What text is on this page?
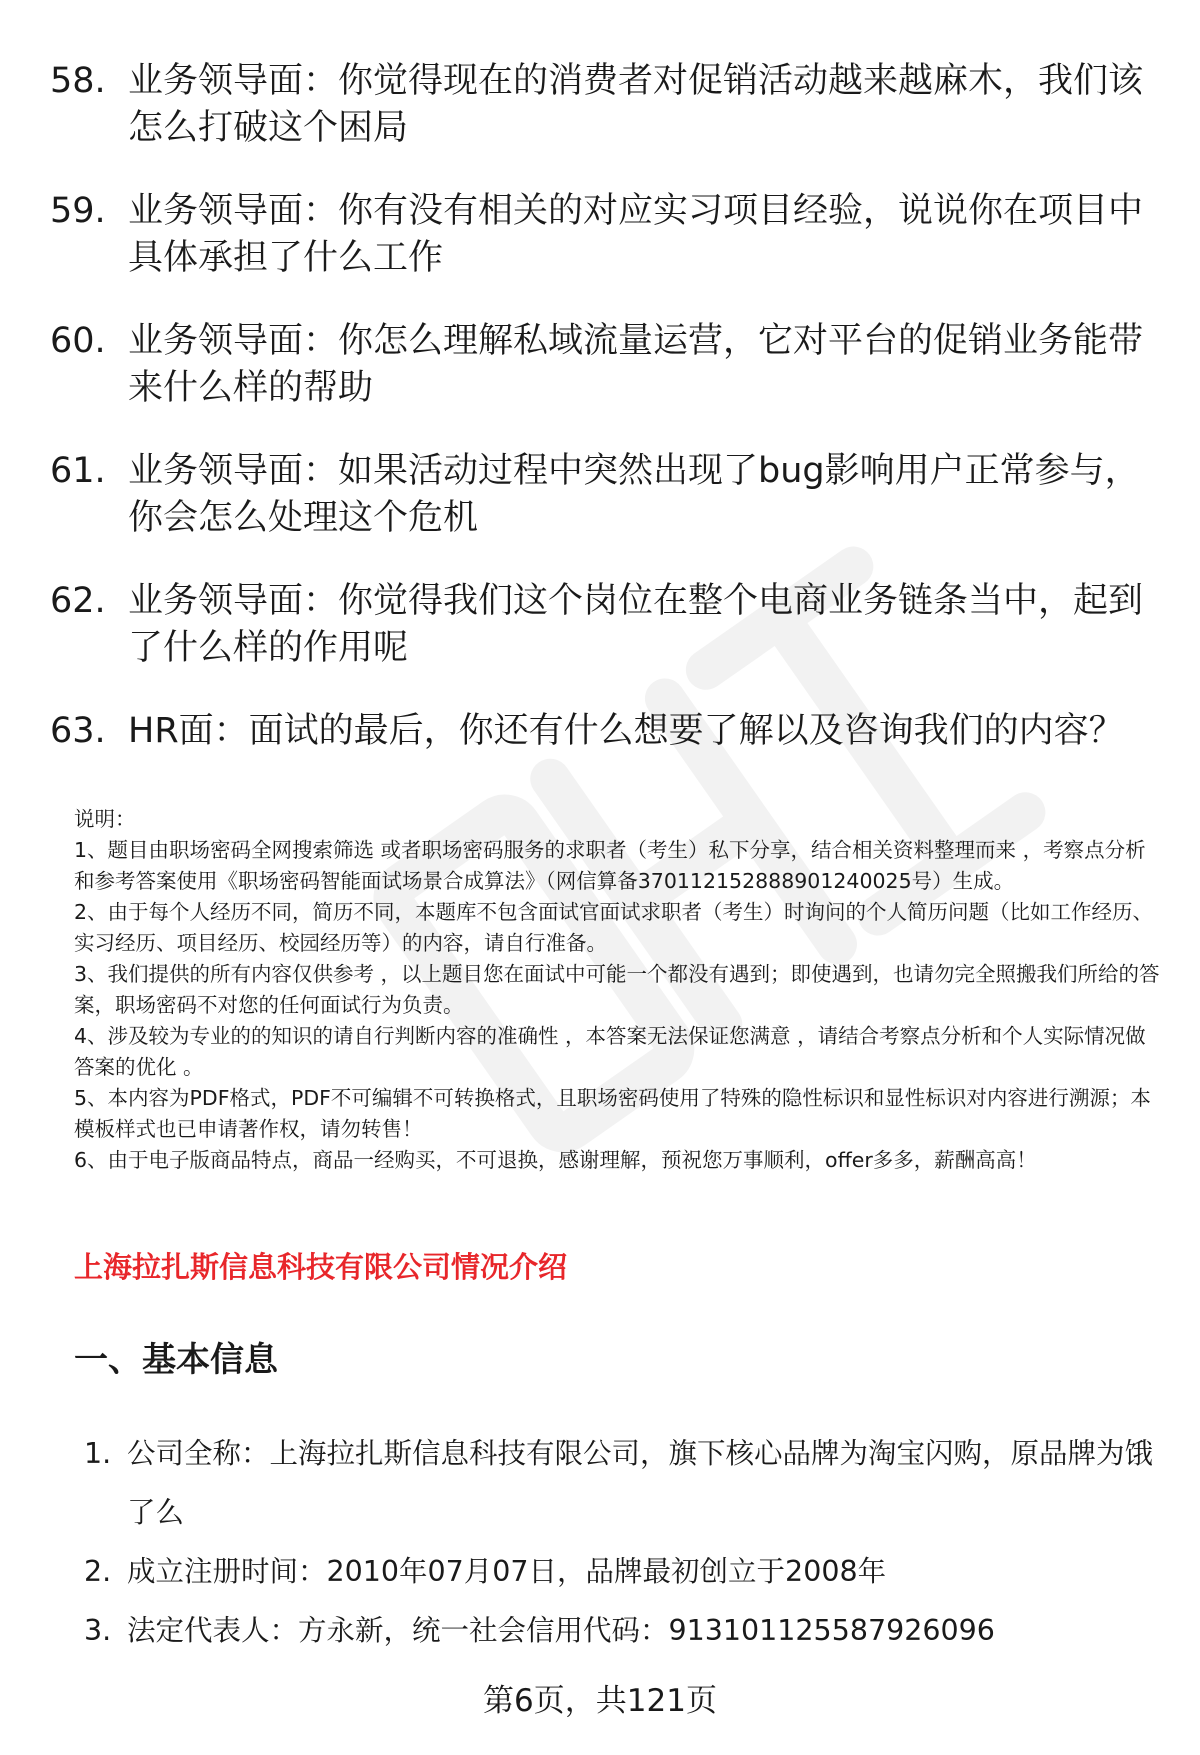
58. 业务领导面：你觉得现在的消费者对促销活动越来越麻木，我们该怎么打破这个困局
59. 业务领导面：你有没有相关的对应实习项目经验，说说你在项目中具体承担了什么工作
60. 业务领导面：你怎么理解私域流量运营，它对平台的促销业务能带来什么样的帮助
61. 业务领导面：如果活动过程中突然出现了bug影响用户正常参与，你会怎么处理这个危机
62. 业务领导面：你觉得我们这个岗位在整个电商业务链条当中，起到了什么样的作用呢
63. HR面：面试的最后，你还有什么想要了解以及咨询我们的内容？
说明：
1、题目由职场密码全网搜索筛选 或者职场密码服务的求职者（考生）私下分享，结合相关资料整理而来 ，考察点分析和参考答案使用《职场密码智能面试场景合成算法》（网信算备370112152888901240025号）生成。
2、由于每个人经历不同，简历不同，本题库不包含面试官面试求职者（考生）时询问的个人简历问题（比如工作经历、实习经历、项目经历、校园经历等）的内容，请自行准备。
3、我们提供的所有内容仅供参考 ，以上题目您在面试中可能一个都没有遇到；即使遇到，也请勿完全照搬我们所给的答案，职场密码不对您的任何面试行为负责。
4、涉及较为专业的的知识的请自行判断内容的准确性 ，本答案无法保证您满意 ，请结合考察点分析和个人实际情况做答案的优化 。
5、本内容为PDF格式，PDF不可编辑不可转换格式，且职场密码使用了特殊的隐性标识和显性标识对内容进行溯源；本模板样式也已申请著作权，请勿转售！
6、由于电子版商品特点，商品一经购买，不可退换，感谢理解，预祝您万事顺利，offer多多，薪酬高高！
上海拉扎斯信息科技有限公司情况介绍
一、基本信息
1. 公司全称：上海拉扎斯信息科技有限公司，旗下核心品牌为淘宝闪购，原品牌为饿了么
2. 成立注册时间：2010年07月07日，品牌最初创立于2008年
3. 法定代表人：方永新，统一社会信用代码：91310112558792609​6
第6页，共121页
